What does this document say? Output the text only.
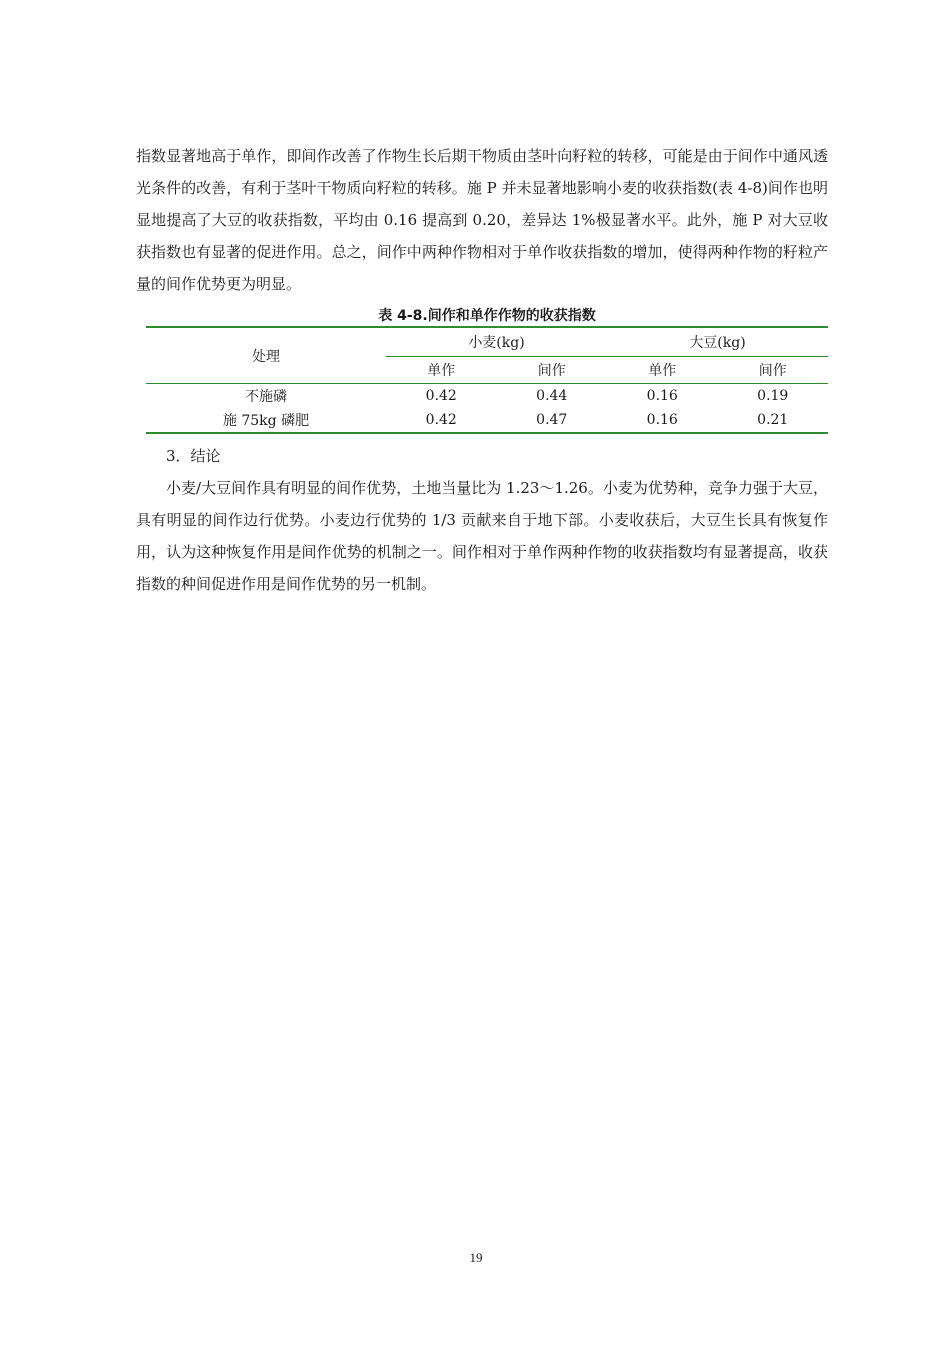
指数显著地高于单作，即间作改善了作物生长后期干物质由茎叶向籽粒的转移，可能是由于间作中通风透光条件的改善，有利于茎叶干物质向籽粒的转移。施 P 并未显著地影响小麦的收获指数(表 4-8)间作也明显地提高了大豆的收获指数，平均由 0.16 提高到 0.20，差异达 1%极显著水平。此外，施 P 对大豆收获指数也有显著的促进作用。总之，间作中两种作物相对于单作收获指数的增加，使得两种作物的籽粒产量的间作优势更为明显。

表 4-8.间作和单作作物的收获指数
处理	小麦(kg)		大豆(kg)	
	单作	间作	单作	间作
不施磷	0.42	0.44	0.16	0.19
施 75kg 磷肥	0.42	0.47	0.16	0.21

3．结论

小麦/大豆间作具有明显的间作优势，土地当量比为 1.23～1.26。小麦为优势种，竞争力强于大豆，具有明显的间作边行优势。小麦边行优势的 1/3 贡献来自于地下部。小麦收获后，大豆生长具有恢复作用，认为这种恢复作用是间作优势的机制之一。间作相对于单作两种作物的收获指数均有显著提高，收获指数的种间促进作用是间作优势的另一机制。

19
